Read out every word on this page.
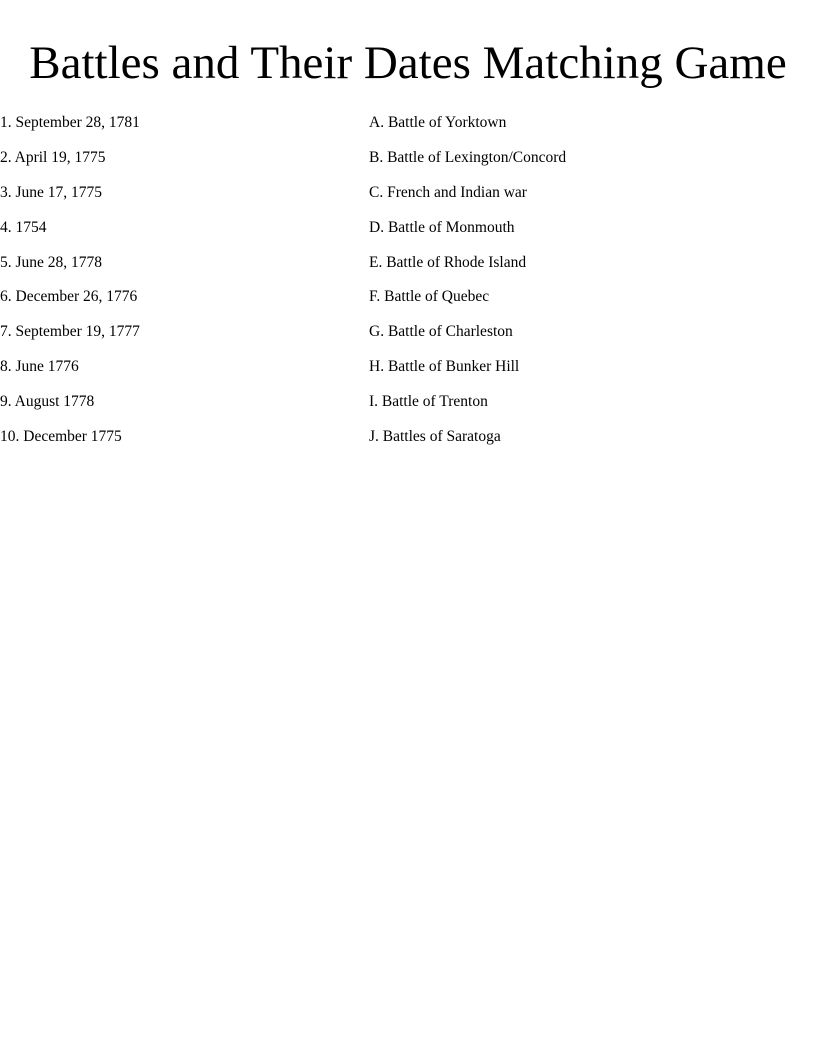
Battles and Their Dates Matching Game
1. September 28, 1781
2. April 19, 1775
3. June 17, 1775
4. 1754
5. June 28, 1778
6. December 26, 1776
7. September 19, 1777
8. June 1776
9. August 1778
10. December 1775
A. Battle of Yorktown
B. Battle of Lexington/Concord
C. French and Indian war
D. Battle of Monmouth
E. Battle of Rhode Island
F. Battle of Quebec
G. Battle of Charleston
H. Battle of Bunker Hill
I. Battle of Trenton
J. Battles of Saratoga
